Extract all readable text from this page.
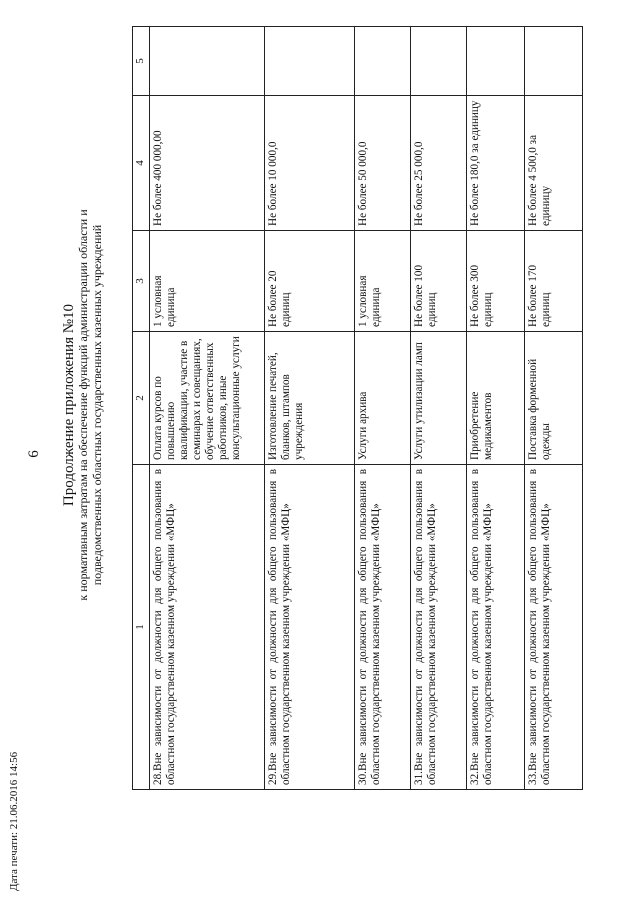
Дата печати: 21.06.2016 14:56
6 Продолжение приложения №10 к нормативным затратам на обеспечение функций администрации области и подведомственных областных государственных казенных учреждений
1	2	3	4	5
28.Вне зависимости от должности для общего пользования в областном государственном казенном учреждении «МФЦ»	Оплата курсов по повышению квалификации, участие в семинарах и совещаниях, обучение ответственных работников, иные консультационные услуги	1 условная единица	Не более 400 000,00	
29.Вне зависимости от должности для общего пользования в областном государственном казенном учреждении «МФЦ»	Изготовление печатей, бланков, штампов учреждения	Не более 20 единиц	Не более 10 000,0	
30.Вне зависимости от должности для общего пользования в областном государственном казенном учреждении «МФЦ»	Услуги архива	1 условная единица	Не более 50 000,0	
31.Вне зависимости от должности для общего пользования в областном государственном казенном учреждении «МФЦ»	Услуги утилизации ламп	Не более 100 единиц	Не более 25 000,0	
32.Вне зависимости от должности для общего пользования в областном государственном казенном учреждении «МФЦ»	Приобретение медикаментов	Не более 300 единиц	Не более 180,0 за единицу	
33.Вне зависимости от должности для общего пользования в областном государственном казенном учреждении «МФЦ»	Поставка форменной одежды	Не более 170 единиц	Не более 4 500,0 за единицу	
